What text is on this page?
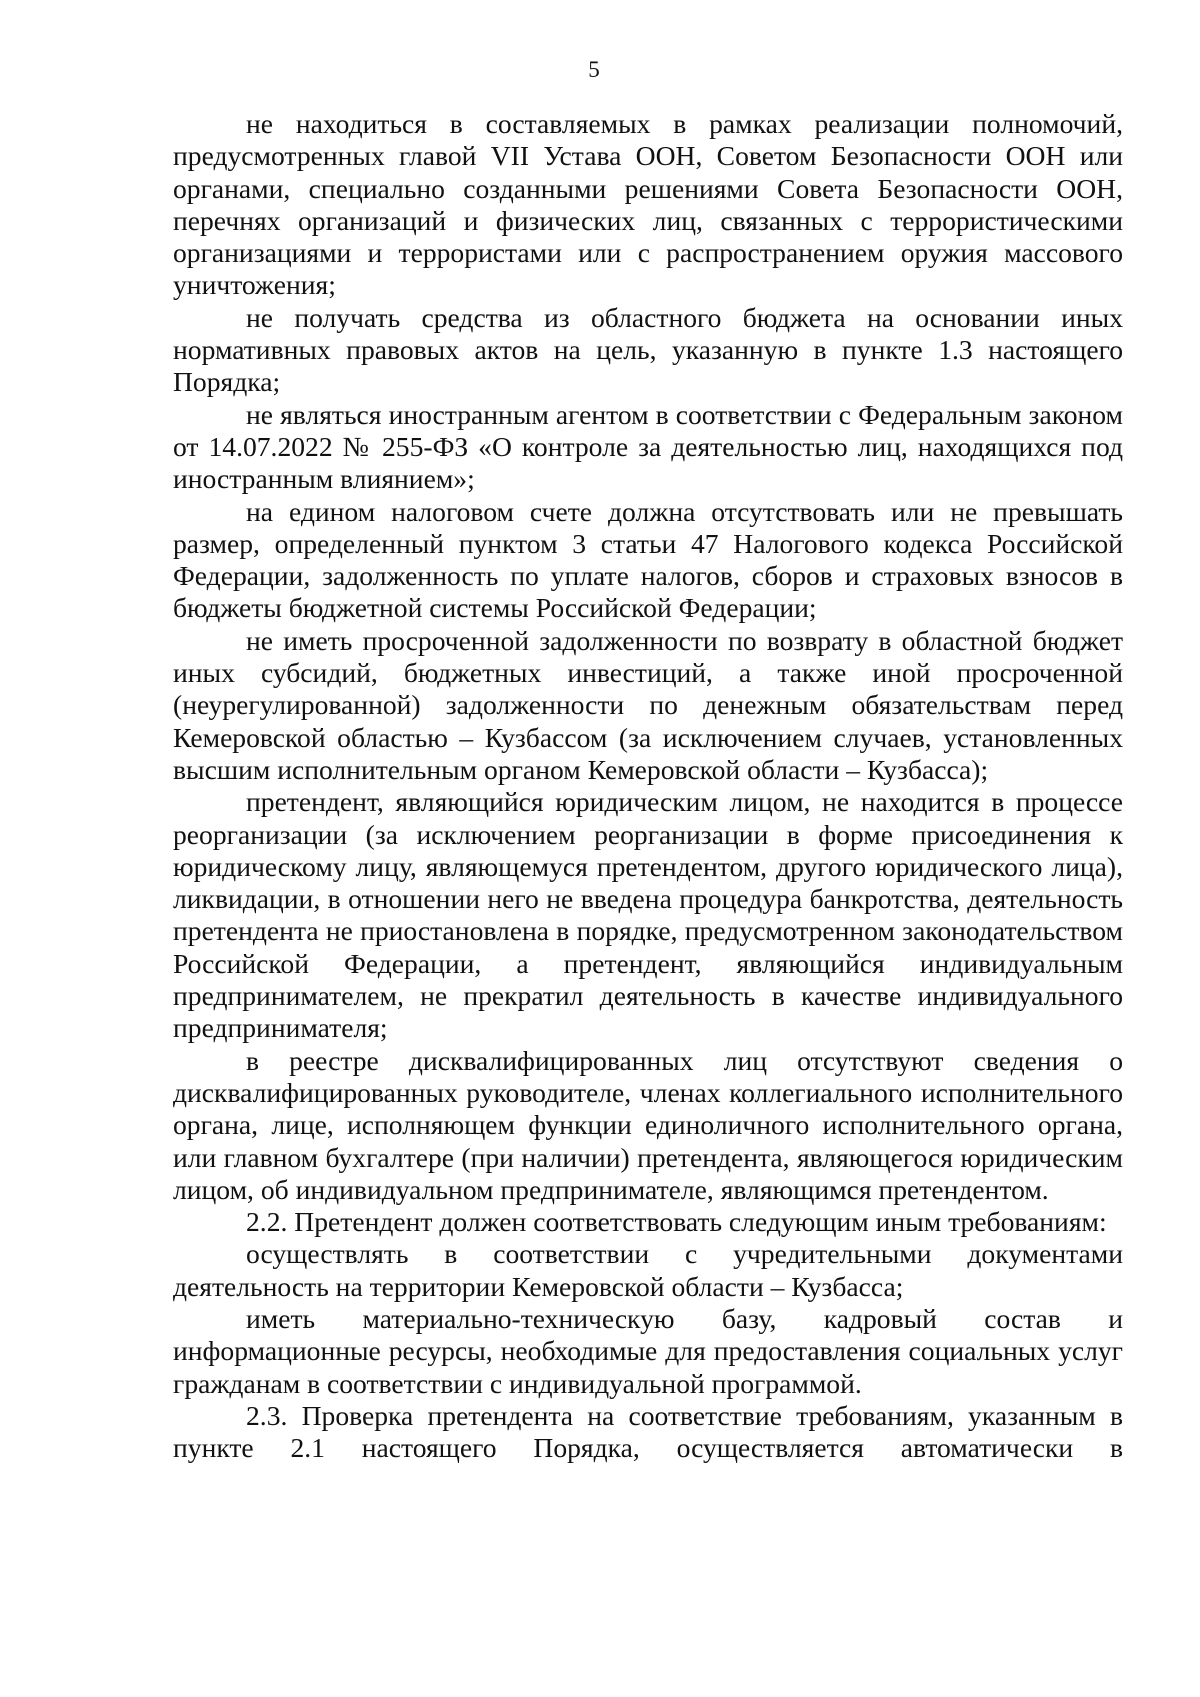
5

не находиться в составляемых в рамках реализации полномочий, предусмотренных главой VII Устава ООН, Советом Безопасности ООН или органами, специально созданными решениями Совета Безопасности ООН, перечнях организаций и физических лиц, связанных с террористическими организациями и террористами или с распространением оружия массового уничтожения;

не получать средства из областного бюджета на основании иных нормативных правовых актов на цель, указанную в пункте 1.3 настоящего Порядка;

не являться иностранным агентом в соответствии с Федеральным законом от 14.07.2022 № 255-ФЗ «О контроле за деятельностью лиц, находящихся под иностранным влиянием»;

на едином налоговом счете должна отсутствовать или не превышать размер, определенный пунктом 3 статьи 47 Налогового кодекса Российской Федерации, задолженность по уплате налогов, сборов и страховых взносов в бюджеты бюджетной системы Российской Федерации;

не иметь просроченной задолженности по возврату в областной бюджет иных субсидий, бюджетных инвестиций, а также иной просроченной (неурегулированной) задолженности по денежным обязательствам перед Кемеровской областью – Кузбассом (за исключением случаев, установленных высшим исполнительным органом Кемеровской области – Кузбасса);

претендент, являющийся юридическим лицом, не находится в процессе реорганизации (за исключением реорганизации в форме присоединения к юридическому лицу, являющемуся претендентом, другого юридического лица), ликвидации, в отношении него не введена процедура банкротства, деятельность претендента не приостановлена в порядке, предусмотренном законодательством Российской Федерации, а претендент, являющийся индивидуальным предпринимателем, не прекратил деятельность в качестве индивидуального предпринимателя;

в реестре дисквалифицированных лиц отсутствуют сведения о дисквалифицированных руководителе, членах коллегиального исполнительного органа, лице, исполняющем функции единоличного исполнительного органа, или главном бухгалтере (при наличии) претендента, являющегося юридическим лицом, об индивидуальном предпринимателе, являющимся претендентом.

2.2. Претендент должен соответствовать следующим иным требованиям:

осуществлять в соответствии с учредительными документами деятельность на территории Кемеровской области – Кузбасса;

иметь материально-техническую базу, кадровый состав и информационные ресурсы, необходимые для предоставления социальных услуг гражданам в соответствии с индивидуальной программой.

2.3. Проверка претендента на соответствие требованиям, указанным в пункте 2.1 настоящего Порядка, осуществляется автоматически в
